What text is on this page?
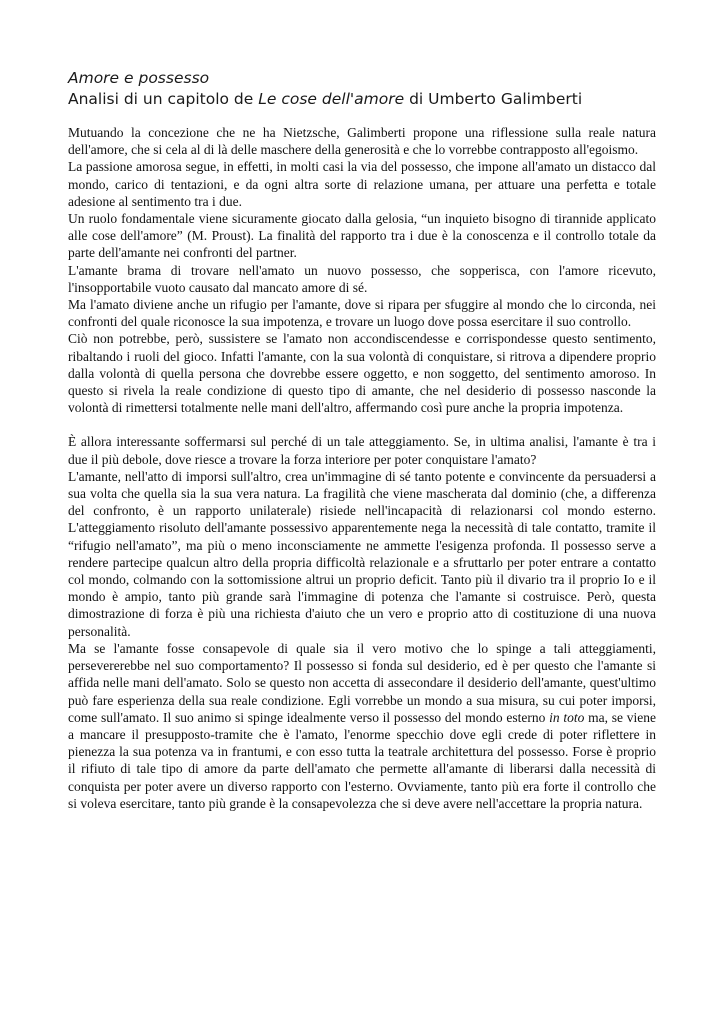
Amore e possesso
Analisi di un capitolo de Le cose dell'amore di Umberto Galimberti

Mutuando la concezione che ne ha Nietzsche, Galimberti propone una riflessione sulla reale natura dell'amore, che si cela al di là delle maschere della generosità e che lo vorrebbe contrapposto all'egoismo.

La passione amorosa segue, in effetti, in molti casi la via del possesso, che impone all'amato un distacco dal mondo, carico di tentazioni, e da ogni altra sorte di relazione umana, per attuare una perfetta e totale adesione al sentimento tra i due.

Un ruolo fondamentale viene sicuramente giocato dalla gelosia, “un inquieto bisogno di tirannide applicato alle cose dell'amore” (M. Proust). La finalità del rapporto tra i due è la conoscenza e il controllo totale da parte dell'amante nei confronti del partner.

L'amante brama di trovare nell'amato un nuovo possesso, che sopperisca, con l'amore ricevuto, l'insopportabile vuoto causato dal mancato amore di sé.

Ma l'amato diviene anche un rifugio per l'amante, dove si ripara per sfuggire al mondo che lo circonda, nei confronti del quale riconosce la sua impotenza, e trovare un luogo dove possa esercitare il suo controllo.

Ciò non potrebbe, però, sussistere se l'amato non accondiscendesse e corrispondesse questo sentimento, ribaltando i ruoli del gioco. Infatti l'amante, con la sua volontà di conquistare, si ritrova a dipendere proprio dalla volontà di quella persona che dovrebbe essere oggetto, e non soggetto, del sentimento amoroso. In questo si rivela la reale condizione di questo tipo di amante, che nel desiderio di possesso nasconde la volontà di rimettersi totalmente nelle mani dell'altro, affermando così pure anche la propria impotenza.

È allora interessante soffermarsi sul perché di un tale atteggiamento. Se, in ultima analisi, l'amante è tra i due il più debole, dove riesce a trovare la forza interiore per poter conquistare l'amato?

L'amante, nell'atto di imporsi sull'altro, crea un'immagine di sé tanto potente e convincente da persuadersi a sua volta che quella sia la sua vera natura. La fragilità che viene mascherata dal dominio (che, a differenza del confronto, è un rapporto unilaterale) risiede nell'incapacità di relazionarsi col mondo esterno. L'atteggiamento risoluto dell'amante possessivo apparentemente nega la necessità di tale contatto, tramite il “rifugio nell'amato”, ma più o meno inconsciamente ne ammette l'esigenza profonda. Il possesso serve a rendere partecipe qualcun altro della propria difficoltà relazionale e a sfruttarlo per poter entrare a contatto col mondo, colmando con la sottomissione altrui un proprio deficit. Tanto più il divario tra il proprio Io e il mondo è ampio, tanto più grande sarà l'immagine di potenza che l'amante si costruisce. Però, questa dimostrazione di forza è più una richiesta d'aiuto che un vero e proprio atto di costituzione di una nuova personalità.

Ma se l'amante fosse consapevole di quale sia il vero motivo che lo spinge a tali atteggiamenti, persevererebbe nel suo comportamento? Il possesso si fonda sul desiderio, ed è per questo che l'amante si affida nelle mani dell'amato. Solo se questo non accetta di assecondare il desiderio dell'amante, quest'ultimo può fare esperienza della sua reale condizione. Egli vorrebbe un mondo a sua misura, su cui poter imporsi, come sull'amato. Il suo animo si spinge idealmente verso il possesso del mondo esterno in toto ma, se viene a mancare il presupposto-tramite che è l'amato, l'enorme specchio dove egli crede di poter riflettere in pienezza la sua potenza va in frantumi, e con esso tutta la teatrale architettura del possesso. Forse è proprio il rifiuto di tale tipo di amore da parte dell'amato che permette all'amante di liberarsi dalla necessità di conquista per poter avere un diverso rapporto con l'esterno. Ovviamente, tanto più era forte il controllo che si voleva esercitare, tanto più grande è la consapevolezza che si deve avere nell'accettare la propria natura.
